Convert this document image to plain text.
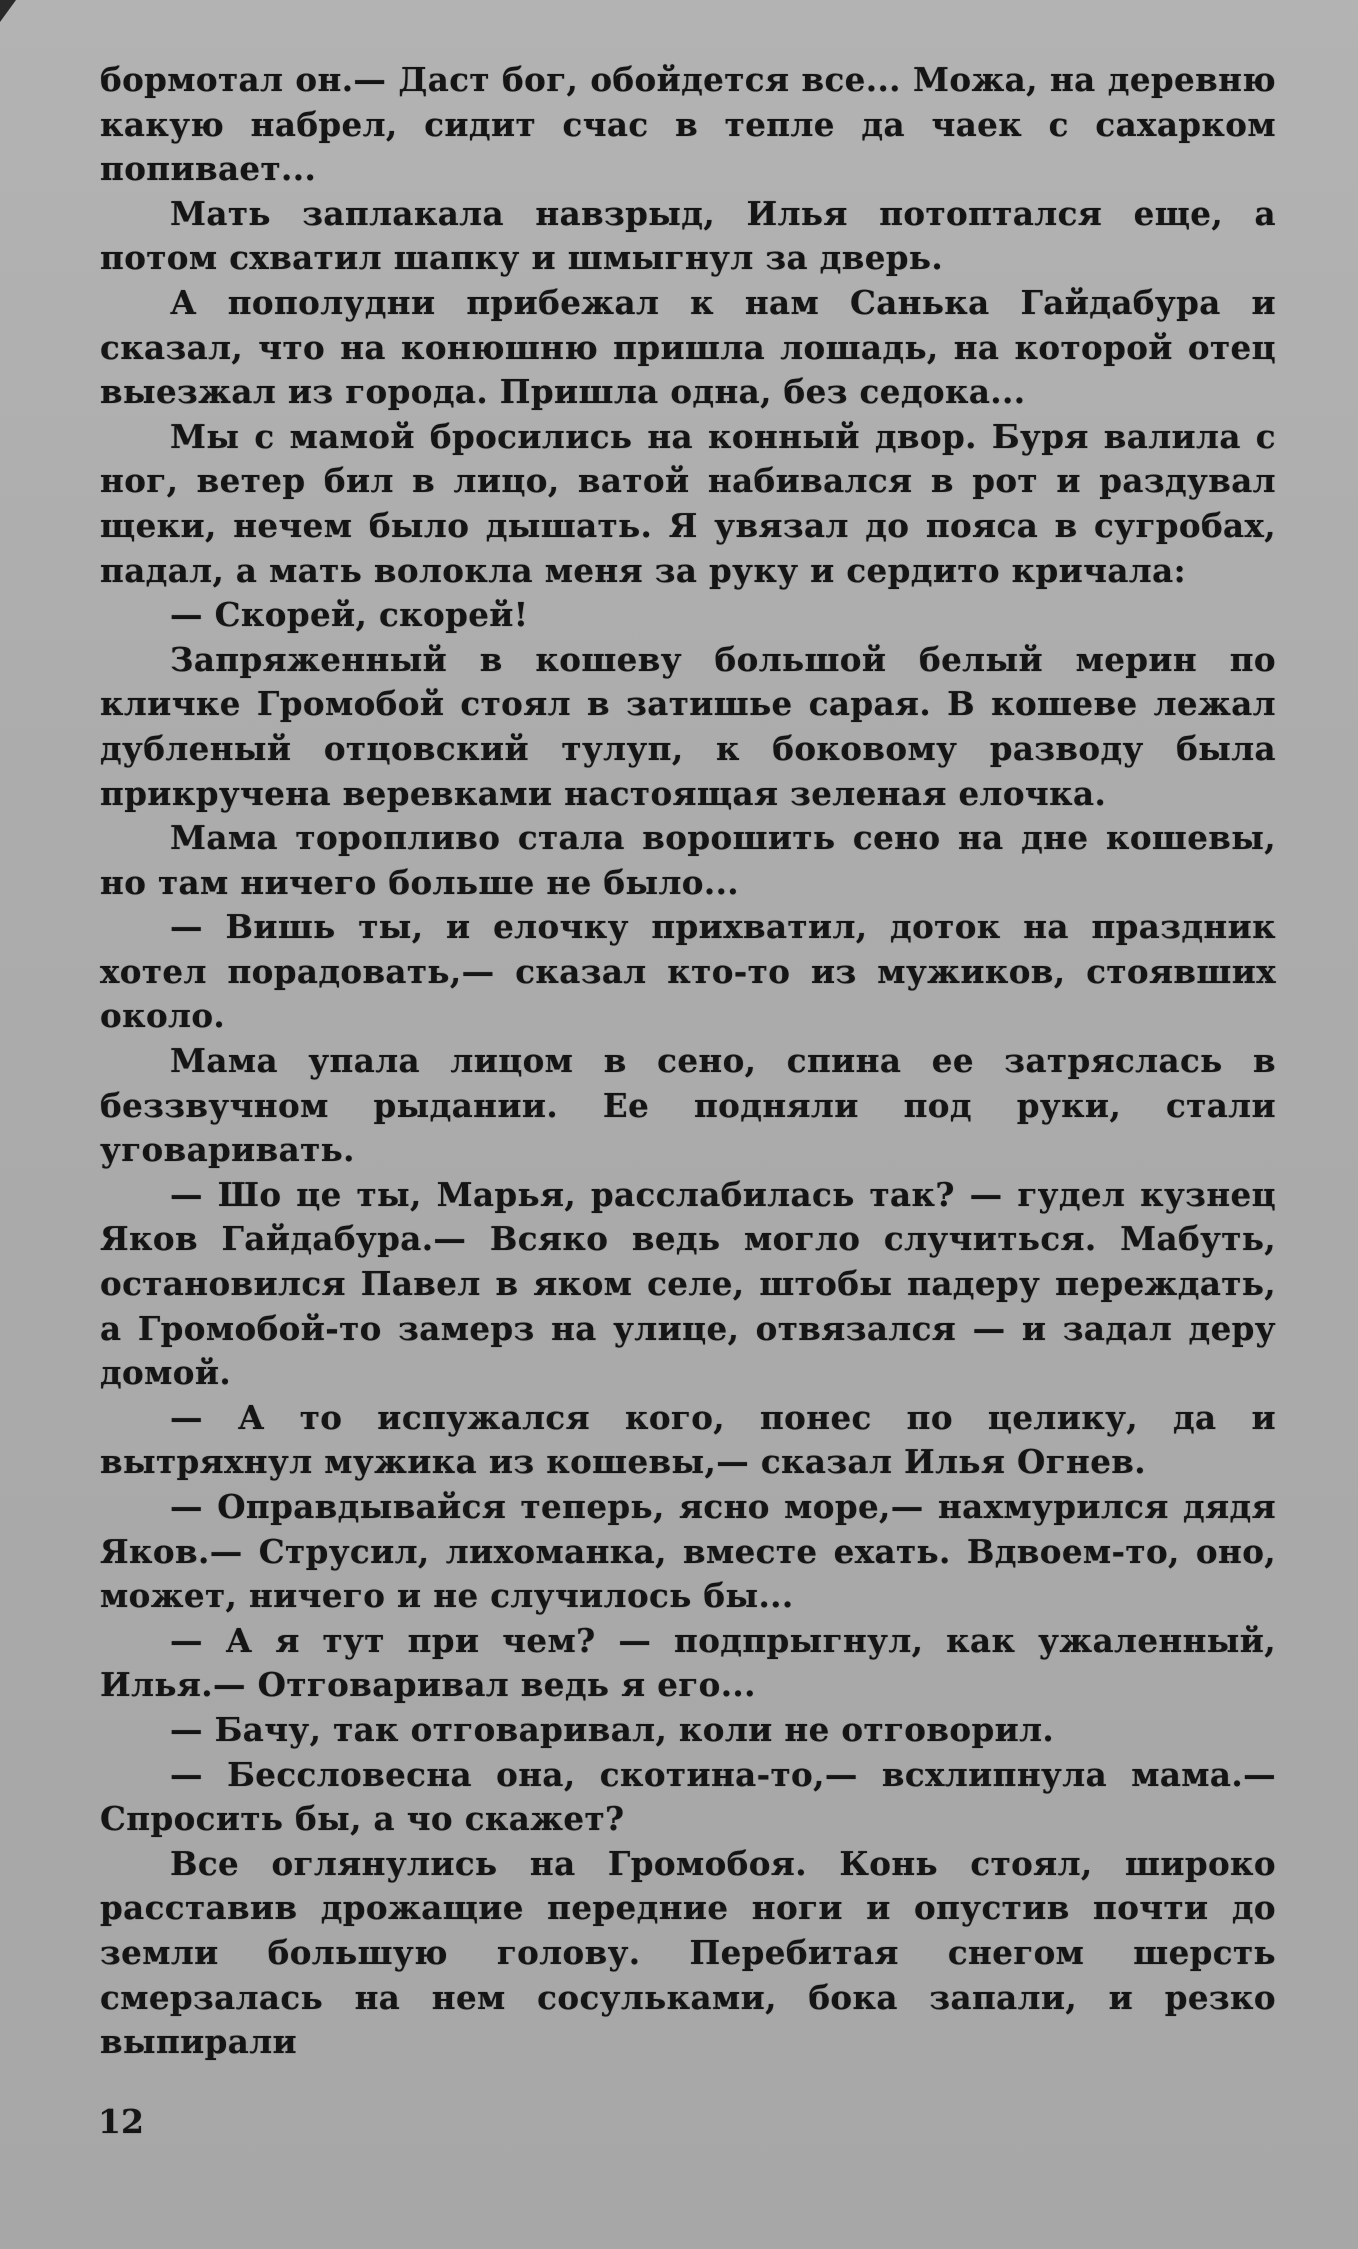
бормотал он.— Даст бог, обойдется все... Можа, на деревню какую набрел, сидит счас в тепле да чаек с сахарком попивает...

Мать заплакала навзрыд, Илья потоптался еще, а потом схватил шапку и шмыгнул за дверь.

А пополудни прибежал к нам Санька Гайдабура и сказал, что на конюшню пришла лошадь, на которой отец выезжал из города. Пришла одна, без седока...

Мы с мамой бросились на конный двор. Буря валила с ног, ветер бил в лицо, ватой набивался в рот и раздувал щеки, нечем было дышать. Я увязал до пояса в сугробах, падал, а мать волокла меня за руку и сердито кричала:

— Скорей, скорей!

Запряженный в кошеву большой белый мерин по кличке Громобой стоял в затишье сарая. В кошеве лежал дубленый отцовский тулуп, к боковому разводу была прикручена веревками настоящая зеленая елочка.

Мама торопливо стала ворошить сено на дне кошевы, но там ничего больше не было...

— Вишь ты, и елочку прихватил, доток на праздник хотел порадовать,— сказал кто-то из мужиков, стоявших около.

Мама упала лицом в сено, спина ее затряслась в беззвучном рыдании. Ее подняли под руки, стали уговаривать.

— Шо це ты, Марья, расслабилась так? — гудел кузнец Яков Гайдабура.— Всяко ведь могло случиться. Мабуть, остановился Павел в яком селе, штобы падеру переждать, а Громобой-то замерз на улице, отвязался — и задал деру домой.

— А то испужался кого, понес по целику, да и вытряхнул мужика из кошевы,— сказал Илья Огнев.

— Оправдывайся теперь, ясно море,— нахмурился дядя Яков.— Струсил, лихоманка, вместе ехать. Вдвоем-то, оно, может, ничего и не случилось бы...

— А я тут при чем? — подпрыгнул, как ужаленный, Илья.— Отговаривал ведь я его...

— Бачу, так отговаривал, коли не отговорил.

— Бессловесна она, скотина-то,— всхлипнула мама.— Спросить бы, а чо скажет?

Все оглянулись на Громобоя. Конь стоял, широко расставив дрожащие передние ноги и опустив почти до земли большую голову. Перебитая снегом шерсть смерзалась на нем сосульками, бока запали, и резко выпирали

12
